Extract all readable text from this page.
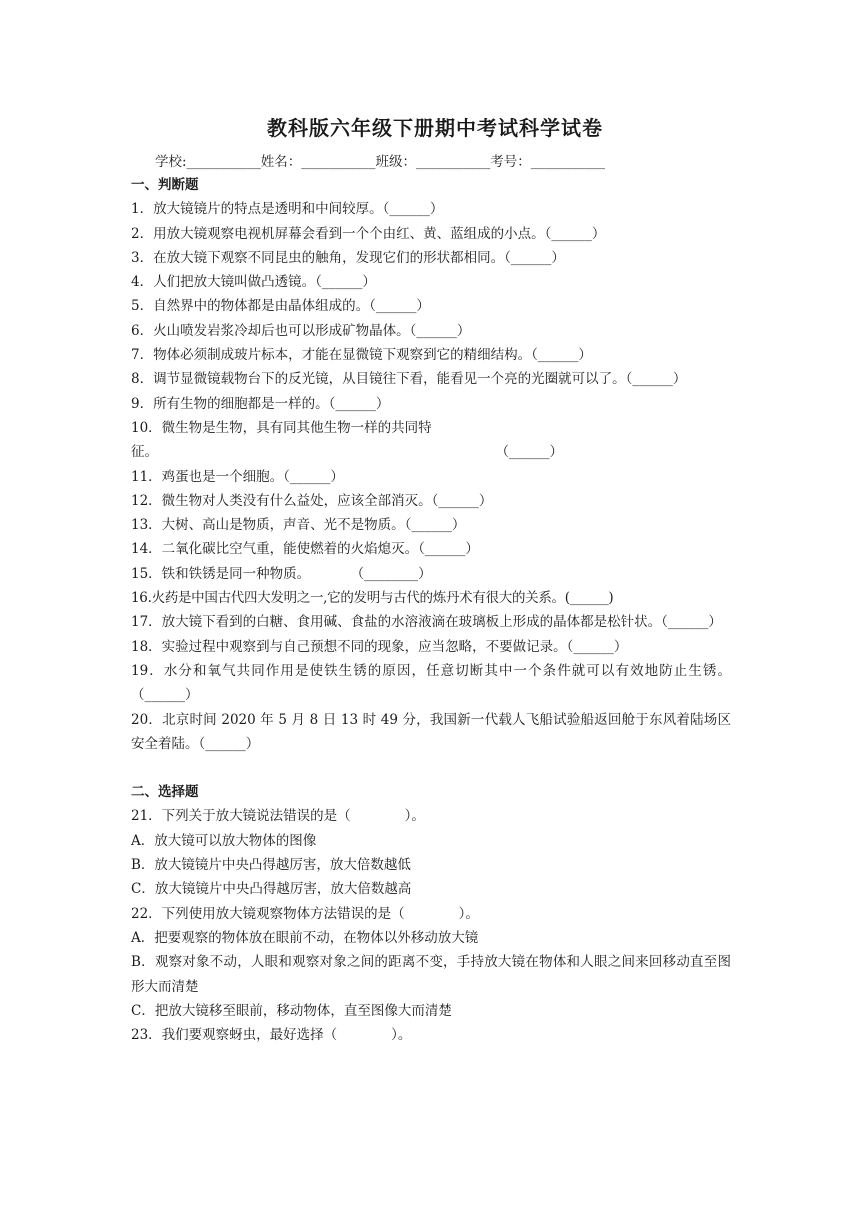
教科版六年级下册期中考试科学试卷
学校:___________姓名：___________班级：___________考号：___________
一、判断题
1．放大镜镜片的特点是透明和中间较厚。（______）
2．用放大镜观察电视机屏幕会看到一个个由红、黄、蓝组成的小点。（______）
3．在放大镜下观察不同昆虫的触角，发现它们的形状都相同。（______）
4．人们把放大镜叫做凸透镜。（______）
5．自然界中的物体都是由晶体组成的。（______）
6．火山喷发岩浆冷却后也可以形成矿物晶体。（______）
7．物体必须制成玻片标本，才能在显微镜下观察到它的精细结构。（______）
8．调节显微镜载物台下的反光镜，从目镜往下看，能看见一个亮的光圈就可以了。（______）
9．所有生物的细胞都是一样的。（______）
10．微生物是生物，具有同其他生物一样的共同特
征。	（______）
11．鸡蛋也是一个细胞。（______）
12．微生物对人类没有什么益处，应该全部消灭。（______）
13．大树、高山是物质，声音、光不是物质。（______）
14．二氧化碳比空气重，能使燃着的火焰熄灭。（______）
15．铁和铁锈是同一种物质。　　　　（________）
16.火药是中国古代四大发明之一,它的发明与古代的炼丹术有很大的关系。(______)
17．放大镜下看到的白糖、食用碱、食盐的水溶液滴在玻璃板上形成的晶体都是松针状。（______）
18．实验过程中观察到与自己预想不同的现象，应当忽略，不要做记录。（______）
19．水分和氧气共同作用是使铁生锈的原因，任意切断其中一个条件就可以有效地防止生锈。（______）
20．北京时间 2020 年 5 月 8 日 13 时 49 分，我国新一代载人飞船试验船返回舱于东风着陆场区安全着陆。（______）
二、选择题
21．下列关于放大镜说法错误的是（　　　　）。
A．放大镜可以放大物体的图像
B．放大镜镜片中央凸得越厉害，放大倍数越低
C．放大镜镜片中央凸得越厉害，放大倍数越高
22．下列使用放大镜观察物体方法错误的是（　　　　）。
A．把要观察的物体放在眼前不动，在物体以外移动放大镜
B．观察对象不动，人眼和观察对象之间的距离不变，手持放大镜在物体和人眼之间来回移动直至图形大而清楚
C．把放大镜移至眼前，移动物体，直至图像大而清楚
23．我们要观察蚜虫，最好选择（　　　　）。
